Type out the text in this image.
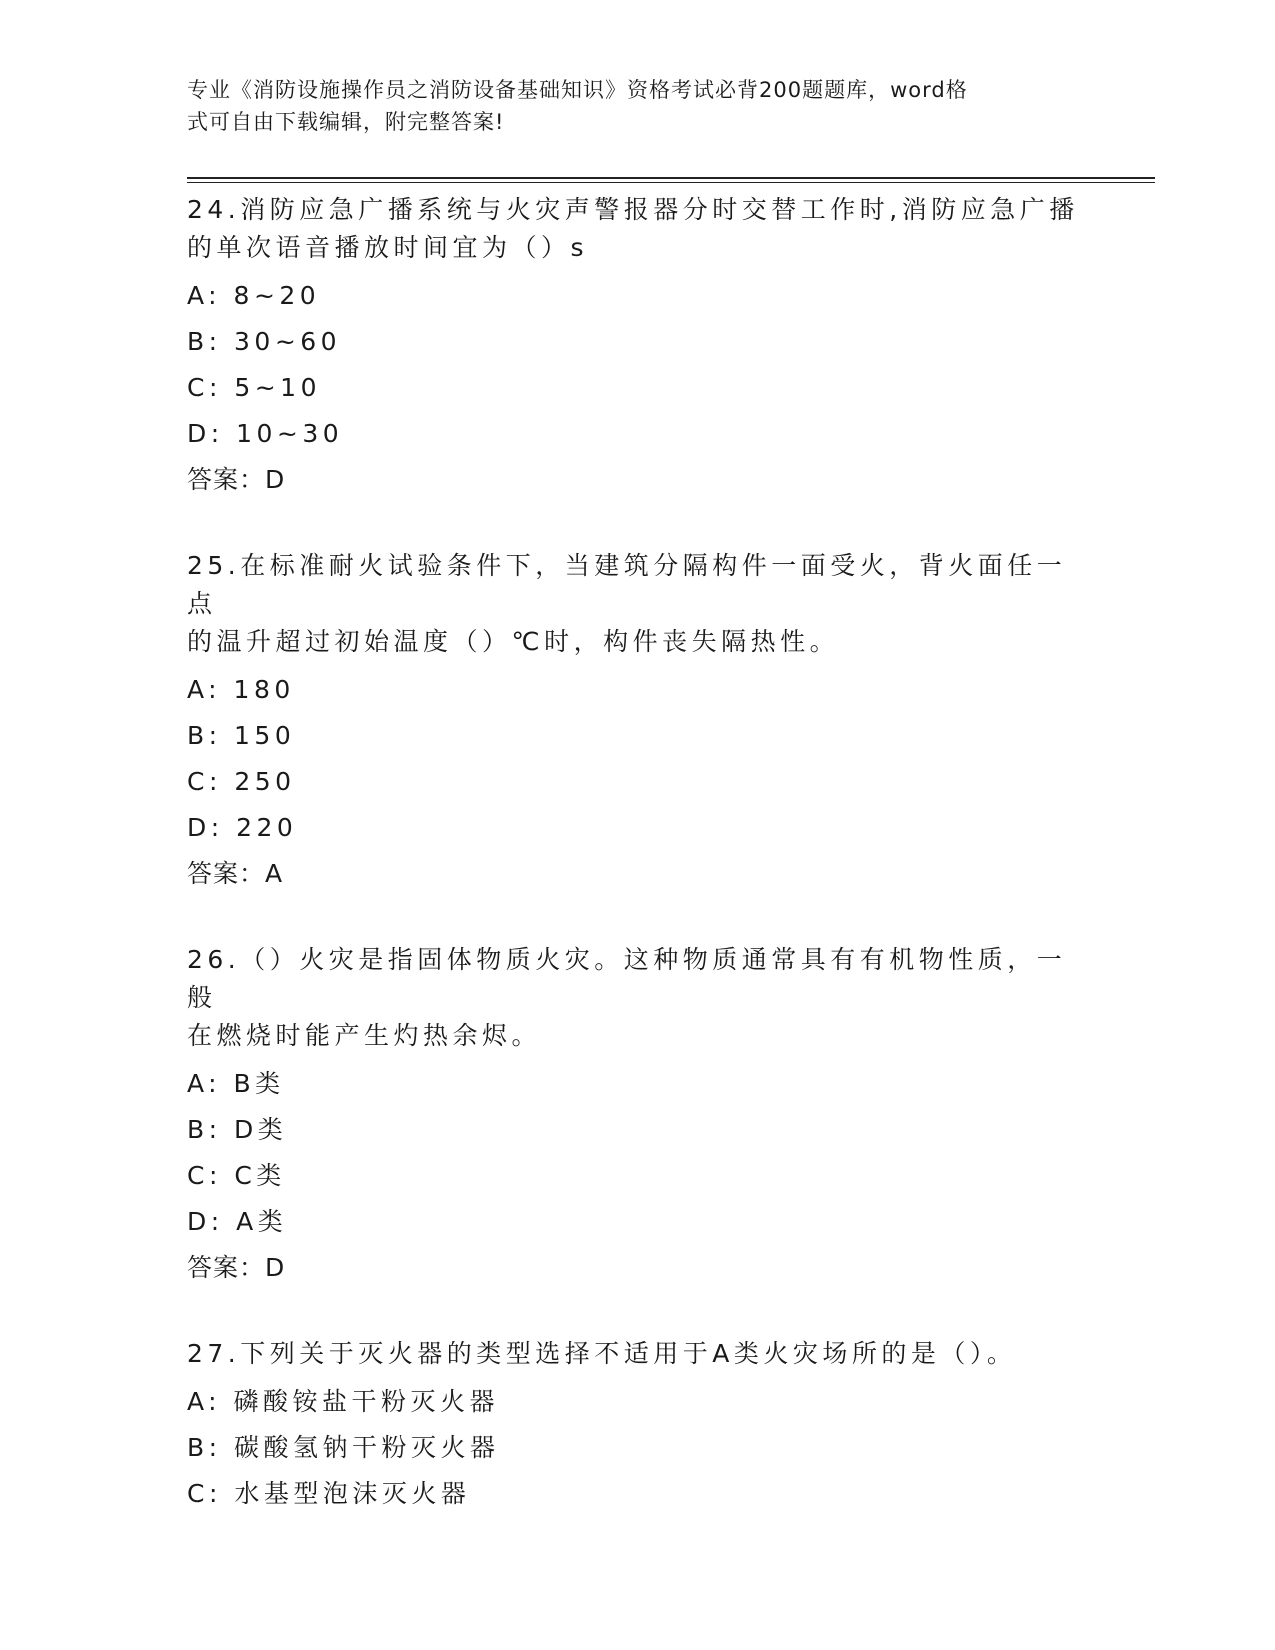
专业《消防设施操作员之消防设备基础知识》资格考试必背200题题库，word格
式可自由下载编辑，附完整答案!
24.消防应急广播系统与火灾声警报器分时交替工作时,消防应急广播
的单次语音播放时间宜为（）s
A: 8~20
B: 30~60
C: 5~10
D: 10~30
答案：D
25.在标准耐火试验条件下，当建筑分隔构件一面受火，背火面任一点
的温升超过初始温度（）℃时，构件丧失隔热性。
A: 180
B: 150
C: 250
D: 220
答案：A
26.（）火灾是指固体物质火灾。这种物质通常具有有机物性质，一般
在燃烧时能产生灼热余烬。
A: B类
B: D类
C: C类
D: A类
答案：D
27.下列关于灭火器的类型选择不适用于A类火灾场所的是（）。
A: 磷酸铵盐干粉灭火器
B: 碳酸氢钠干粉灭火器
C: 水基型泡沫灭火器
